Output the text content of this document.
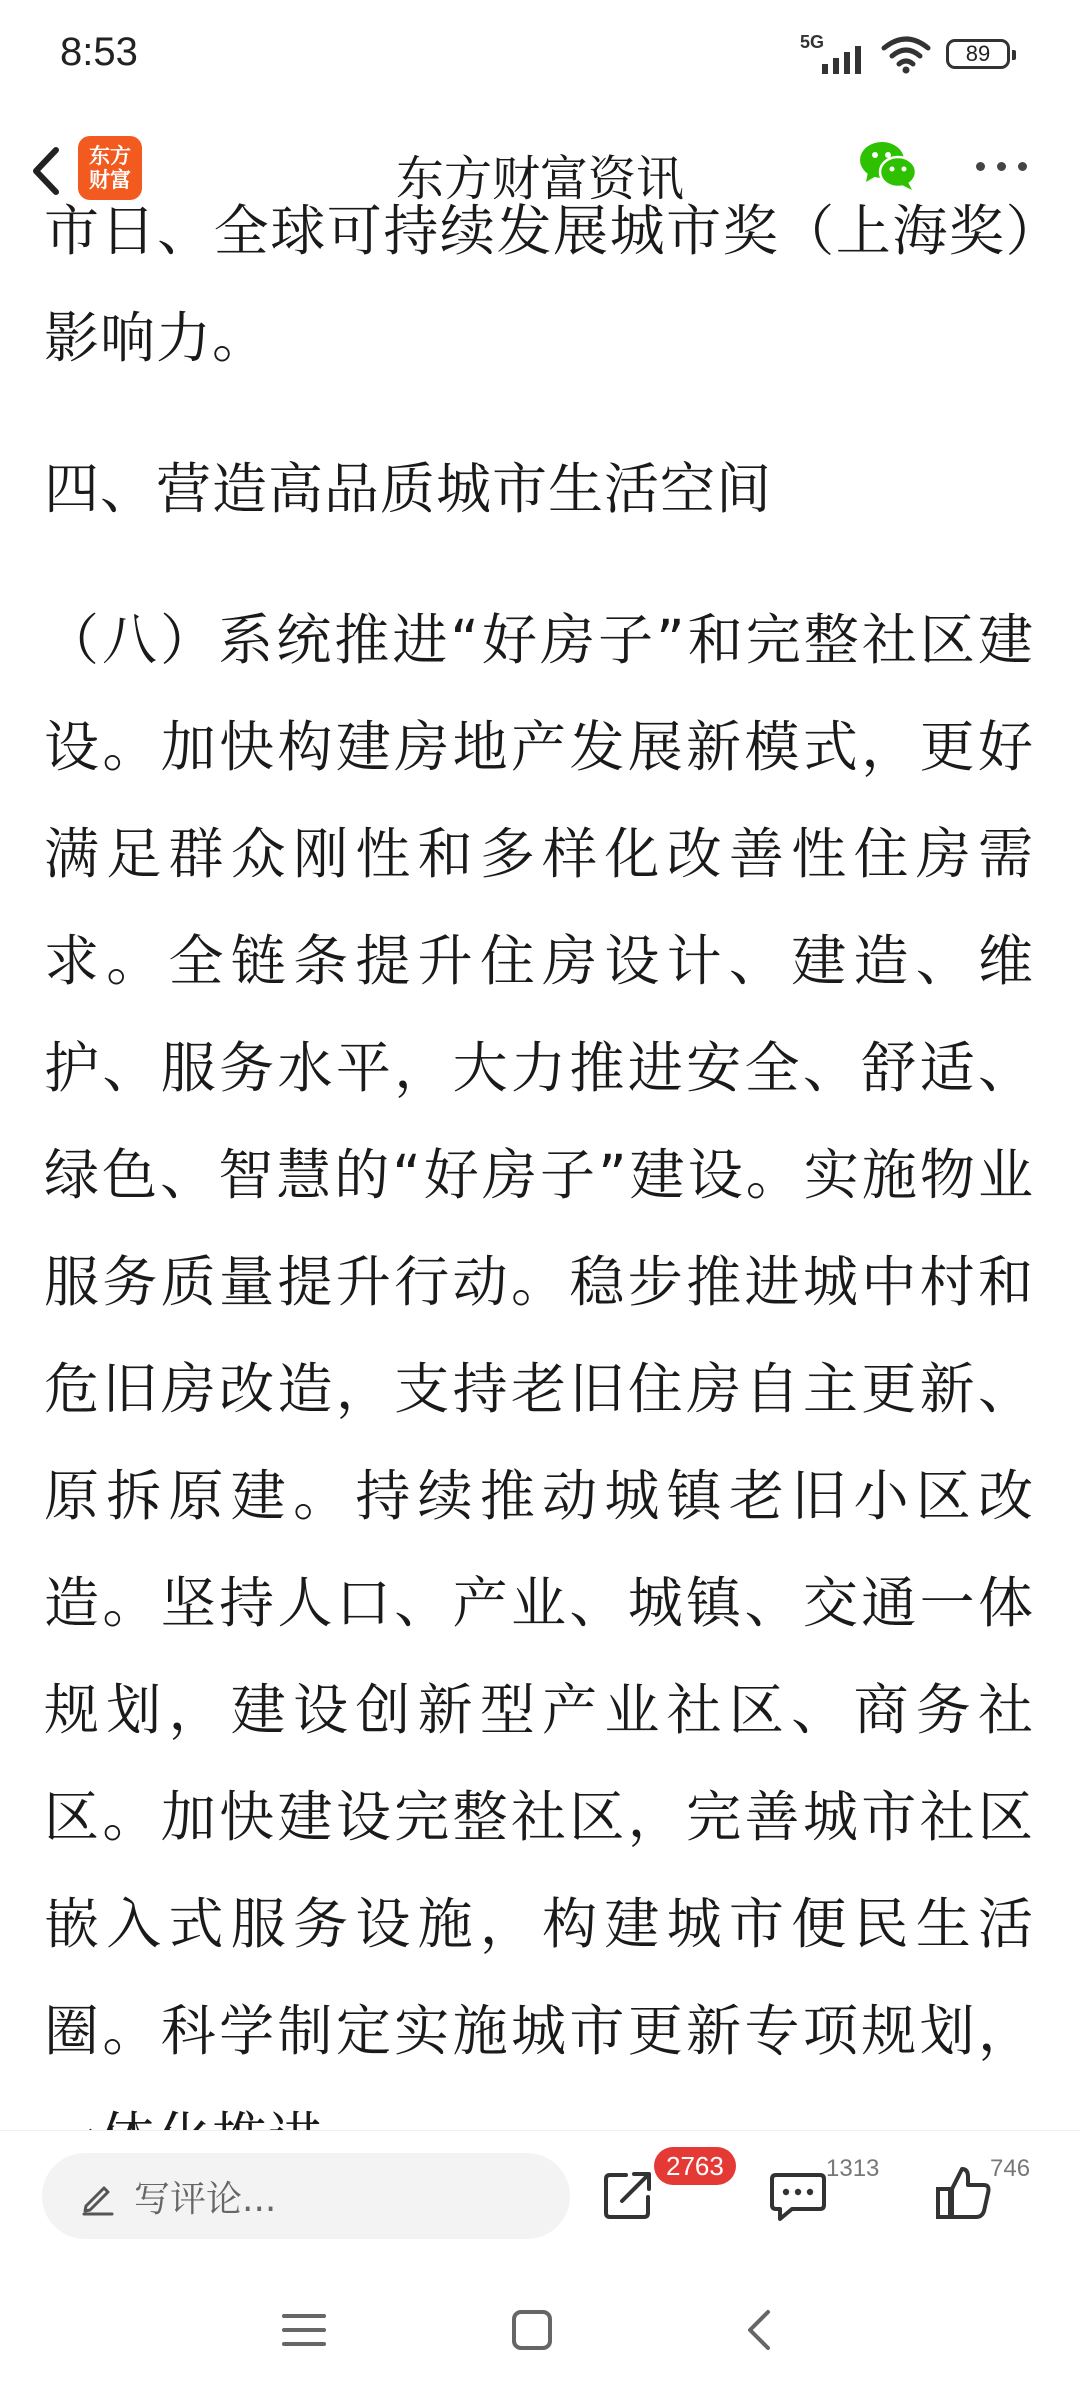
8:53	5G	89
东方
财富	东方财富资讯

市日、全球可持续发展城市奖（上海奖）影响力。

四、营造高品质城市生活空间

（八）系统推进“好房子”和完整社区建设。加快构建房地产发展新模式，更好满足群众刚性和多样化改善性住房需求。全链条提升住房设计、建造、维护、服务水平，大力推进安全、舒适、绿色、智慧的“好房子”建设。实施物业服务质量提升行动。稳步推进城中村和危旧房改造，支持老旧住房自主更新、原拆原建。持续推动城镇老旧小区改造。坚持人口、产业、城镇、交通一体规划，建设创新型产业社区、商务社区。加快建设完整社区，完善城市社区嵌入式服务设施，构建城市便民生活圈。科学制定实施城市更新专项规划，

写评论...
2763	1313	746
